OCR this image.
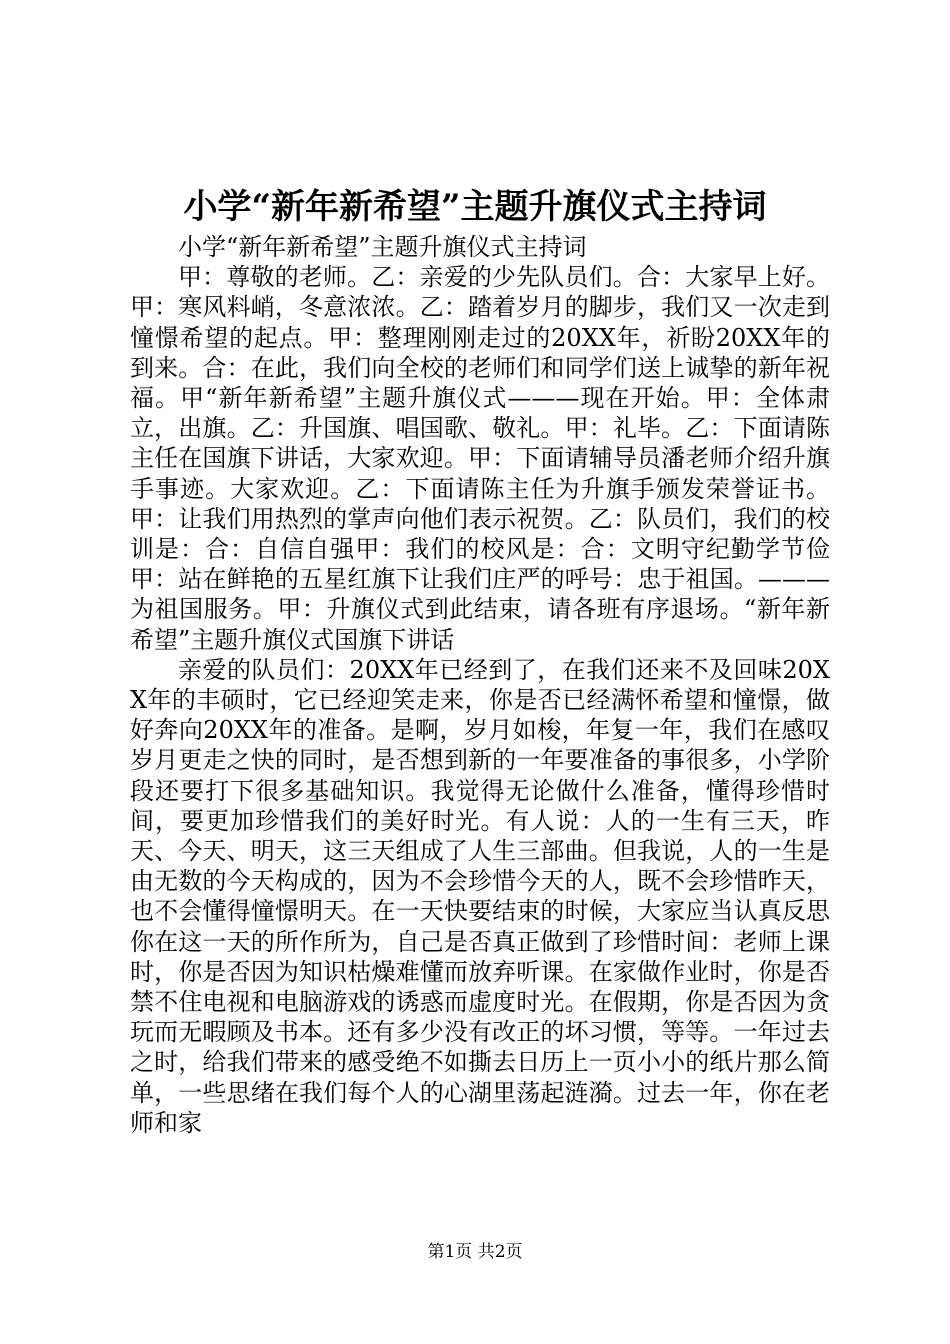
小学“新年新希望”主题升旗仪式主持词

小学“新年新希望”主题升旗仪式主持词

甲：尊敬的老师。乙：亲爱的少先队员们。合：大家早上好。甲：寒风料峭，冬意浓浓。乙：踏着岁月的脚步，我们又一次走到憧憬希望的起点。甲：整理刚刚走过的20XX年，祈盼20XX年的到来。合：在此，我们向全校的老师们和同学们送上诚挚的新年祝福。甲“新年新希望”主题升旗仪式———现在开始。甲：全体肃立，出旗。乙：升国旗、唱国歌、敬礼。甲：礼毕。乙：下面请陈主任在国旗下讲话，大家欢迎。甲：下面请辅导员潘老师介绍升旗手事迹。大家欢迎。乙：下面请陈主任为升旗手颁发荣誉证书。甲：让我们用热烈的掌声向他们表示祝贺。乙：队员们，我们的校训是：合：自信自强甲：我们的校风是：合：文明守纪勤学节俭甲：站在鲜艳的五星红旗下让我们庄严的呼号：忠于祖国。———为祖国服务。甲：升旗仪式到此结束，请各班有序退场。“新年新希望”主题升旗仪式国旗下讲话

亲爱的队员们：20XX年已经到了，在我们还来不及回味20XX年的丰硕时，它已经迎笑走来，你是否已经满怀希望和憧憬，做好奔向20XX年的准备。是啊，岁月如梭，年复一年，我们在感叹岁月更走之快的同时，是否想到新的一年要准备的事很多，小学阶段还要打下很多基础知识。我觉得无论做什么准备，懂得珍惜时间，要更加珍惜我们的美好时光。有人说：人的一生有三天，昨天、今天、明天，这三天组成了人生三部曲。但我说，人的一生是由无数的今天构成的，因为不会珍惜今天的人，既不会珍惜昨天，也不会懂得憧憬明天。在一天快要结束的时候，大家应当认真反思你在这一天的所作所为，自己是否真正做到了珍惜时间：老师上课时，你是否因为知识枯燥难懂而放弃听课。在家做作业时，你是否禁不住电视和电脑游戏的诱惑而虚度时光。在假期，你是否因为贪玩而无暇顾及书本。还有多少没有改正的坏习惯，等等。一年过去之时，给我们带来的感受绝不如撕去日历上一页小小的纸片那么简单，一些思绪在我们每个人的心湖里荡起涟漪。过去一年，你在老师和家

第1页 共2页
